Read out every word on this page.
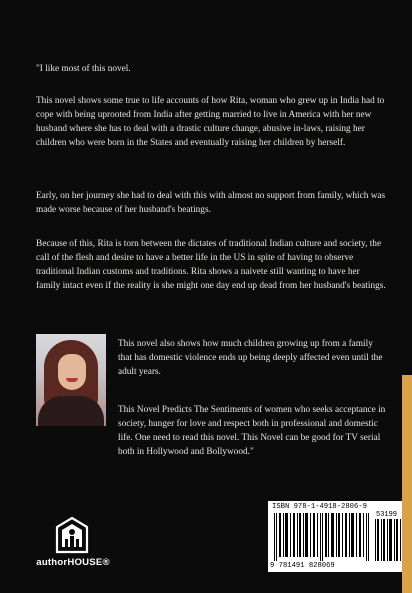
"I like most of this novel.

This novel shows some true to life accounts of how Rita, woman who grew up in India had to cope with being uprooted from India after getting married to live in America with her new husband where she has to deal with a drastic culture change, abusive in-laws, raising her children who were born in the States and eventually raising her children by herself.

Early, on her journey she had to deal with this with almost no support from family, which was made worse because of her husband's beatings.

Because of this, Rita is torn between the dictates of traditional Indian culture and society, the call of the flesh and desire to have a better life in the US in spite of having to observe traditional Indian customs and traditions. Rita shows a naivete still wanting to have her family intact even if the reality is she might one day end up dead from her husband's beatings.

This novel also shows how much children growing up from a family that has domestic violence ends up being deeply affected even until the adult years.

This Novel Predicts The Sentiments of women who seeks acceptance in society, hunger for love and respect both in professional and domestic life. One need to read this novel. This Novel can be good for TV serial both in Hollywood and Bollywood."

authorHOUSE®
ISBN 978-1-4918-2806-9
53199
9 781491 828069
